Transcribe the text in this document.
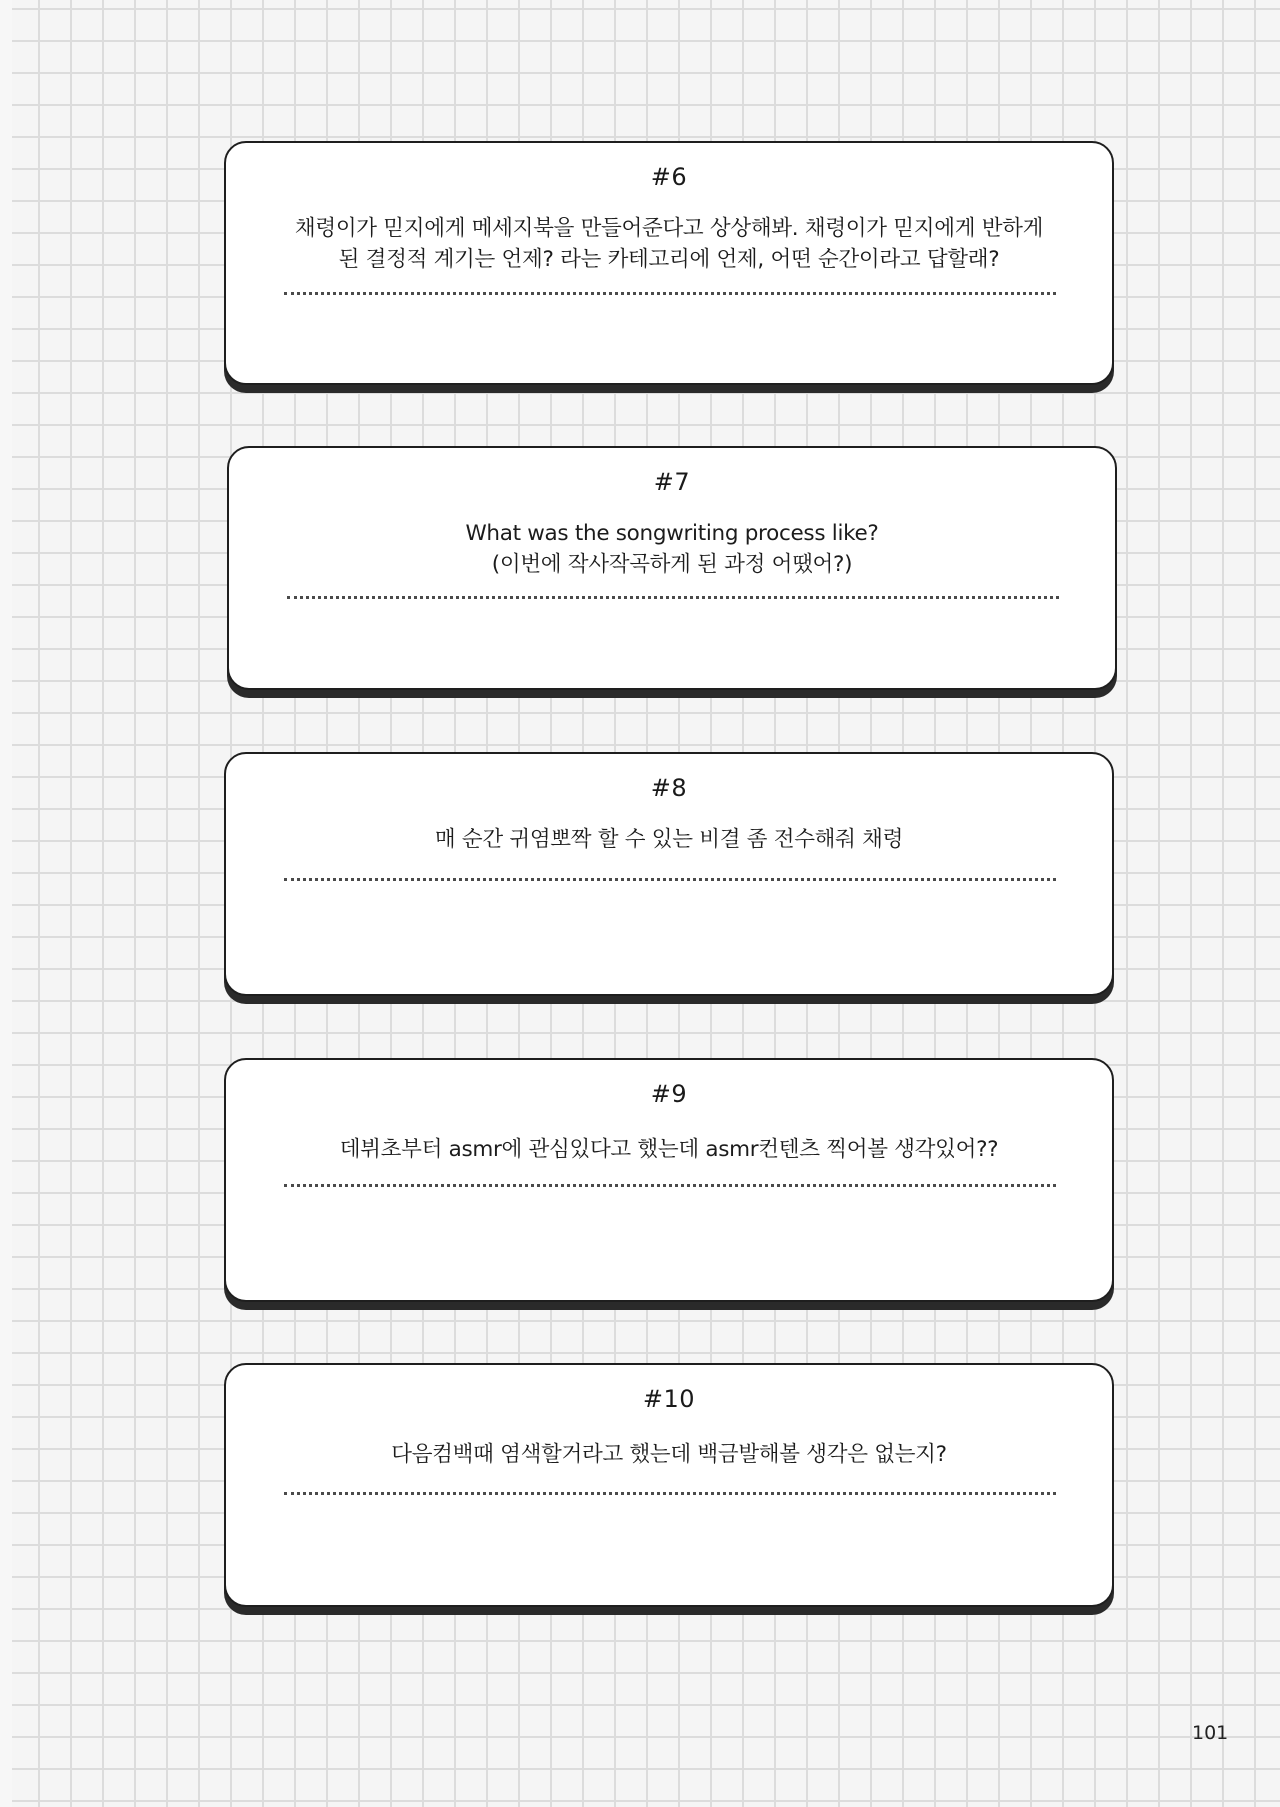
#6
채령이가 믿지에게 메세지북을 만들어준다고 상상해봐. 채령이가 믿지에게 반하게 된 결정적 계기는 언제? 라는 카테고리에 언제, 어떤 순간이라고 답할래?
#7
What was the songwriting process like?
(이번에 작사작곡하게 된 과정 어땠어?)
#8
매 순간 귀염뽀짝 할 수 있는 비결 좀 전수해줘 채령
#9
데뷔초부터 asmr에 관심있다고 했는데 asmr컨텐츠 찍어볼 생각있어??
#10
다음컴백때 염색할거라고 했는데 백금발해볼 생각은 없는지?
101
